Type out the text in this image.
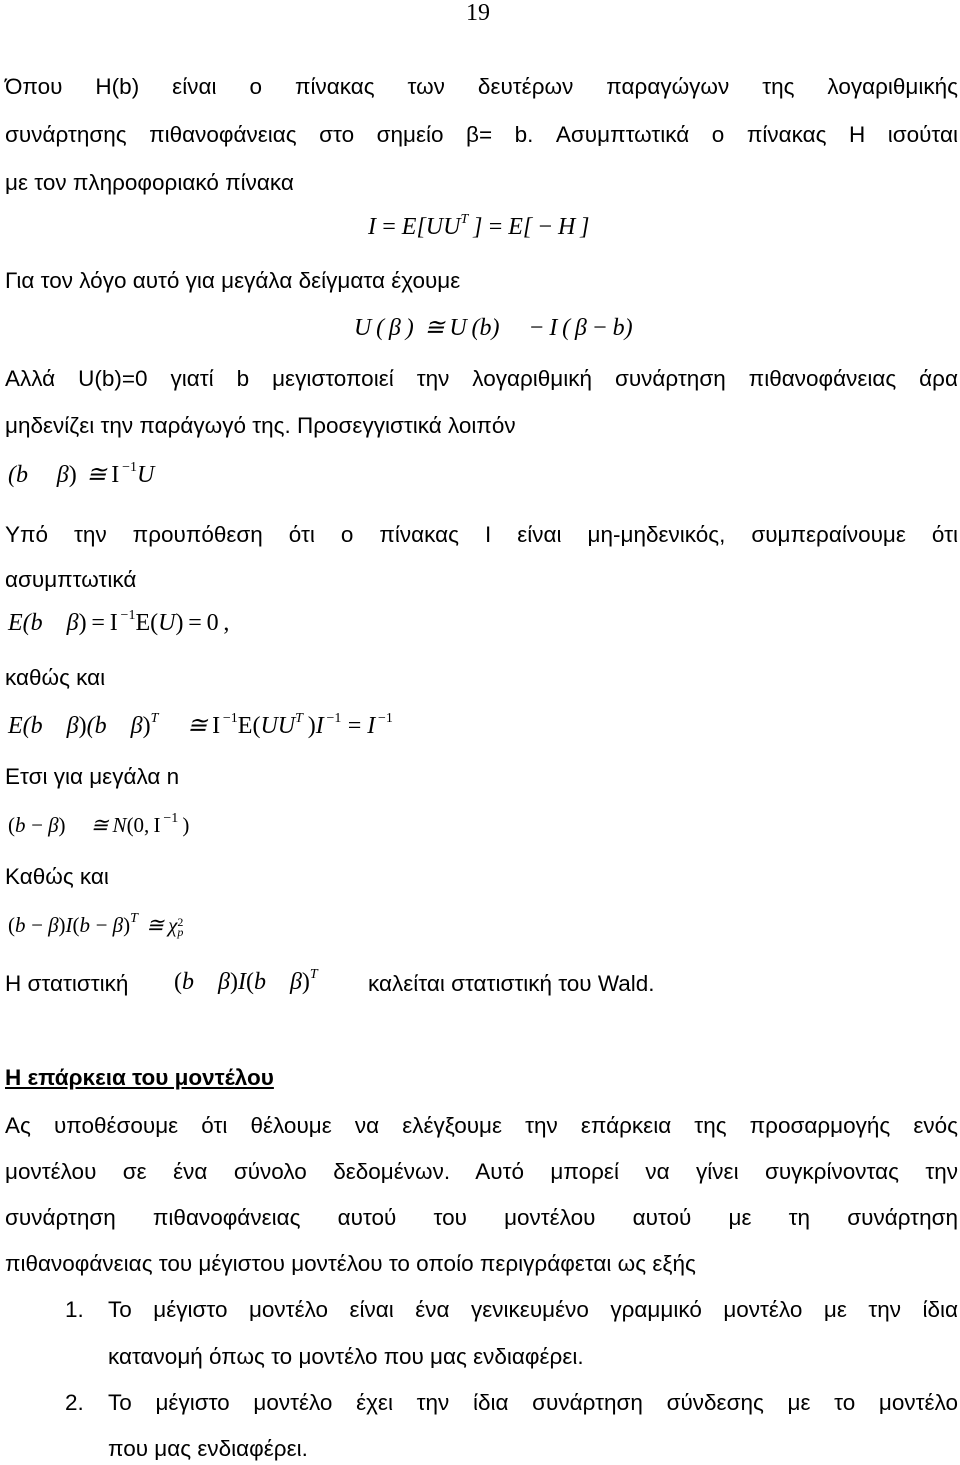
19
Όπου H(b) είναι ο πίνακας των δευτέρων παραγώγων της λογαριθμικής
συνάρτησης πιθανοφάνειας στο σημείο β= b. Ασυμπτωτικά ο πίνακας Η ισούται
με τον πληροφοριακό πίνακα
$I = E[UU^T$ ] = E[ − H ]
Για τον λόγο αυτό για μεγάλα δείγματα έχουμε
U ( β )  ≅ U (b)  − I ( β − b)
Αλλά U(b)=0 γιατί b μεγιστοποιεί την λογαριθμική συνάρτηση πιθανοφάνειας άρα
μηδενίζει την παράγωγό της. Προσεγγιστικά λοιπόν
(b  β)  ≅ I $^{-1}$U
Υπό την προυπόθεση ότι ο πίνακας I είναι μη-μηδενικός, συμπεραίνουμε ότι
ασυμπτωτικά
E(b β) = I $^{-1}$E(U) = 0 ,
καθώς και
E(b β)(b β)$^T$  ≅ I $^{-1}E(UU^T$ )I $^{-1}$ = I $^{-1}$
Ετσι για μεγάλα n
(b − β)  ≅ N(0, I $^{-1}$ )
Καθώς και
$(b - \beta)I(b - \beta)^T$  ≅ χ 2
p
Η στατιστική (b β)I(b β)$^T$ καλείται στατιστική του Wald.
Η επάρκεια του μοντέλου
Ας υποθέσουμε ότι θέλουμε να ελέγξουμε την επάρκεια της προσαρμογής ενός
μοντέλου σε ένα σύνολο δεδομένων. Αυτό μπορεί να γίνει συγκρίνοντας την
συνάρτηση πιθανοφάνειας αυτού του μοντέλου αυτού με τη συνάρτηση
πιθανοφάνειας του μέγιστου μοντέλου το οποίο περιγράφεται ως εξής
1. Το μέγιστο μοντέλο είναι ένα γενικευμένο γραμμικό μοντέλο με την ίδια
κατανομή όπως το μοντέλο που μας ενδιαφέρει.
2. Το μέγιστο μοντέλο έχει την ίδια συνάρτηση σύνδεσης με το μοντέλο
που μας ενδιαφέρει.
